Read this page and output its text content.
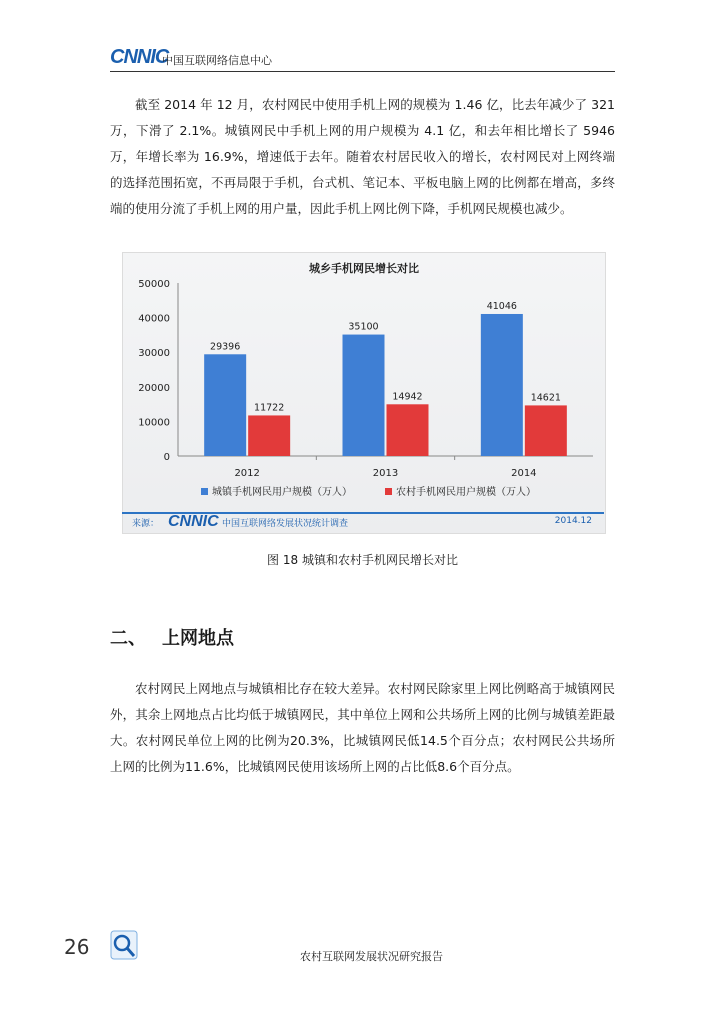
CNNIC
中国互联网络信息中心

截至 2014 年 12 月，农村网民中使用手机上网的规模为 1.46 亿，比去年减少了 321 万，下滑了 2.1%。城镇网民中手机上网的用户规模为 4.1 亿，和去年相比增长了 5946 万，年增长率为 16.9%，增速低于去年。随着农村居民收入的增长，农村网民对上网终端的选择范围拓宽，不再局限于手机，台式机、笔记本、平板电脑上网的比例都在增高，多终端的使用分流了手机上网的用户量，因此手机上网比例下降，手机网民规模也减少。

城乡手机网民增长对比
0
10000
20000
30000
40000
50000
29396
11722
2012
35100
14942
2013
41046
14621
2014
城镇手机网民用户规模（万人）	农村手机网民用户规模（万人）
来源： CNNIC 中国互联网络发展状况统计调查	2014.12
图 18 城镇和农村手机网民增长对比
二、 上网地点

农村网民上网地点与城镇相比存在较大差异。农村网民除家里上网比例略高于城镇网民外，其余上网地点占比均低于城镇网民，其中单位上网和公共场所上网的比例与城镇差距最大。农村网民单位上网的比例为20.3%，比城镇网民低14.5个百分点；农村网民公共场所上网的比例为11.6%，比城镇网民使用该场所上网的占比低8.6个百分点。

26	农村互联网发展状况研究报告
